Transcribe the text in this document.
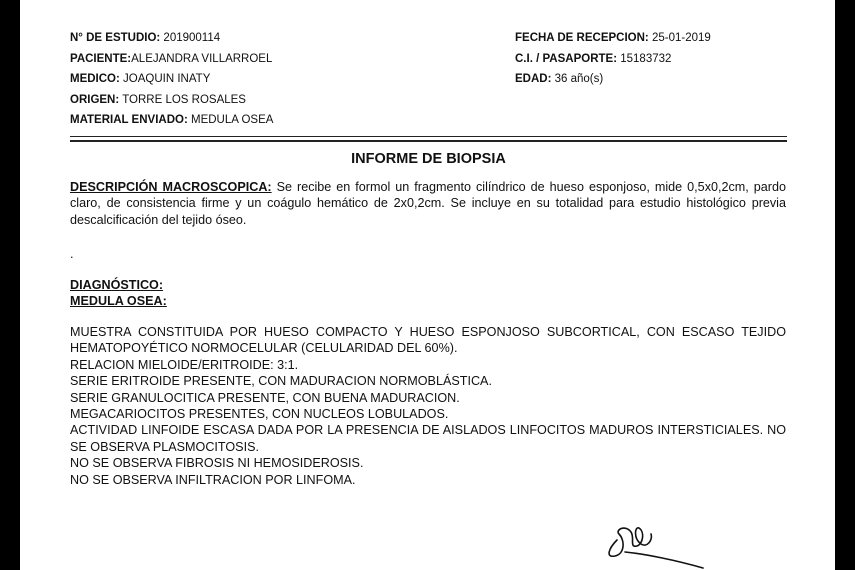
N° DE ESTUDIO: 201900114
PACIENTE:ALEJANDRA VILLARROEL
MEDICO: JOAQUIN INATY
ORIGEN: TORRE LOS ROSALES
MATERIAL ENVIADO: MEDULA OSEA
FECHA DE RECEPCION: 25-01-2019
C.I. / PASAPORTE: 15183732
EDAD: 36 año(s)
INFORME DE BIOPSIA
DESCRIPCIÓN MACROSCOPICA: Se recibe en formol un fragmento cilíndrico de hueso esponjoso, mide 0,5x0,2cm, pardo claro, de consistencia firme y un coágulo hemático de 2x0,2cm. Se incluye en su totalidad para estudio histológico previa descalcificación del tejido óseo.
.
DIAGNÓSTICO:
MEDULA OSEA:
MUESTRA CONSTITUIDA POR HUESO COMPACTO Y HUESO ESPONJOSO SUBCORTICAL, CON ESCASO TEJIDO HEMATOPOYÉTICO NORMOCELULAR (CELULARIDAD DEL 60%).
RELACION MIELOIDE/ERITROIDE: 3:1.
SERIE ERITROIDE PRESENTE, CON MADURACION NORMOBLÁSTICA.
SERIE GRANULOCITICA PRESENTE, CON BUENA MADURACION.
MEGACARIOCITOS PRESENTES, CON NUCLEOS LOBULADOS.
ACTIVIDAD LINFOIDE ESCASA DADA POR LA PRESENCIA DE AISLADOS LINFOCITOS MADUROS INTERSTICIALES. NO SE OBSERVA PLASMOCITOSIS.
NO SE OBSERVA FIBROSIS NI HEMOSIDEROSIS.
NO SE OBSERVA INFILTRACION POR LINFOMA.
